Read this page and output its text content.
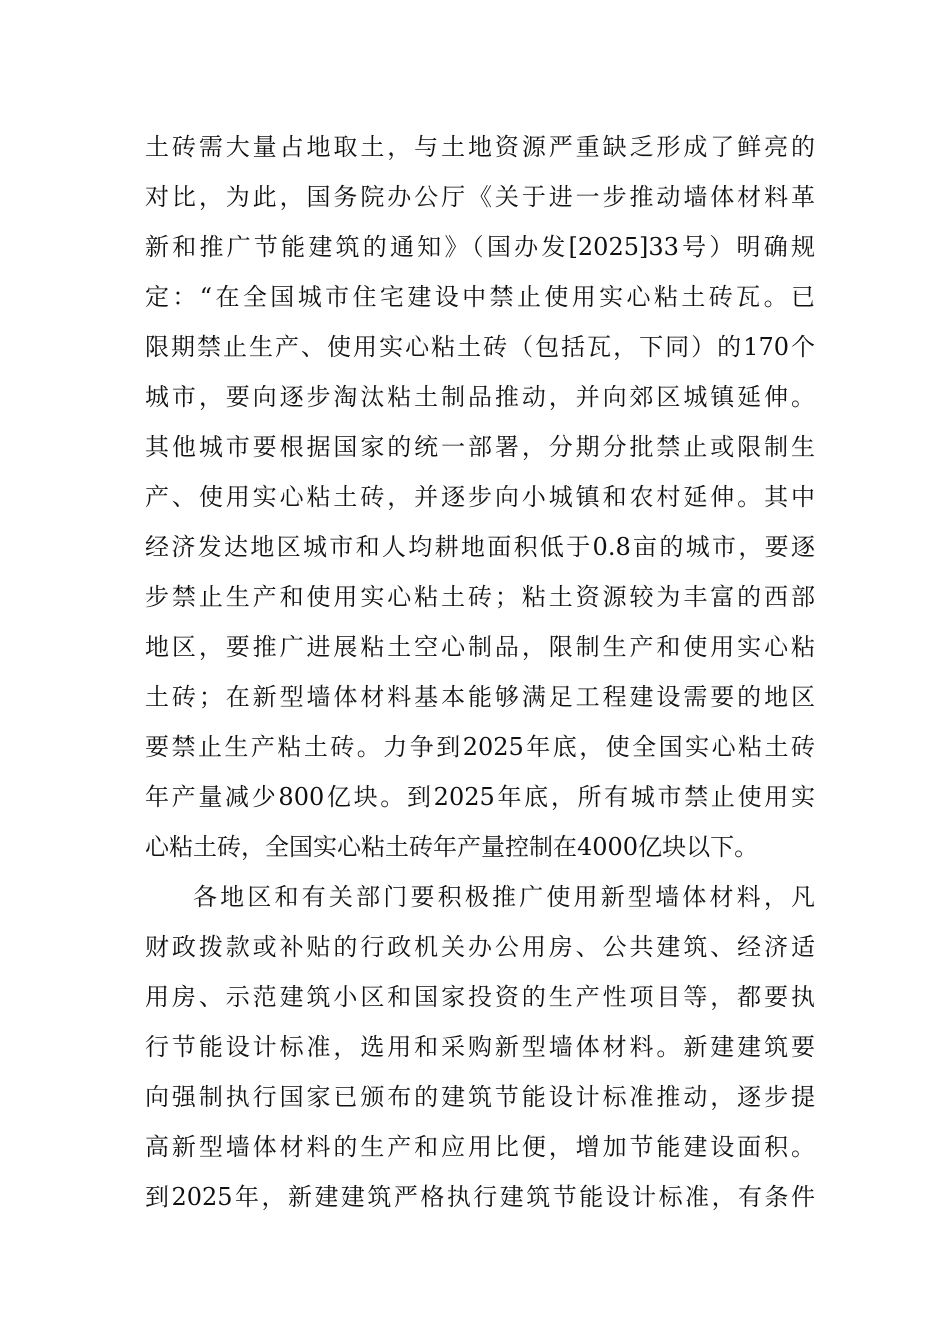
土砖需大量占地取土，与土地资源严重缺乏形成了鲜亮的
对比，为此，国务院办公厅《关于进一步推动墙体材料革
新和推广节能建筑的通知》（国办发[2025]33号）明确规
定：“在全国城市住宅建设中禁止使用实心粘土砖瓦。已
限期禁止生产、使用实心粘土砖（包括瓦，下同）的170个
城市，要向逐步淘汰粘土制品推动，并向郊区城镇延伸。
其他城市要根据国家的统一部署，分期分批禁止或限制生
产、使用实心粘土砖，并逐步向小城镇和农村延伸。其中
经济发达地区城市和人均耕地面积低于0.8亩的城市，要逐
步禁止生产和使用实心粘土砖；粘土资源较为丰富的西部
地区，要推广进展粘土空心制品，限制生产和使用实心粘
土砖；在新型墙体材料基本能够满足工程建设需要的地区
要禁止生产粘土砖。力争到2025年底，使全国实心粘土砖
年产量减少800亿块。到2025年底，所有城市禁止使用实
心粘土砖，全国实心粘土砖年产量控制在4000亿块以下。
各地区和有关部门要积极推广使用新型墙体材料，凡
财政拨款或补贴的行政机关办公用房、公共建筑、经济适
用房、示范建筑小区和国家投资的生产性项目等，都要执
行节能设计标准，选用和采购新型墙体材料。新建建筑要
向强制执行国家已颁布的建筑节能设计标准推动，逐步提
高新型墙体材料的生产和应用比便，增加节能建设面积。
到2025年，新建建筑严格执行建筑节能设计标准，有条件
